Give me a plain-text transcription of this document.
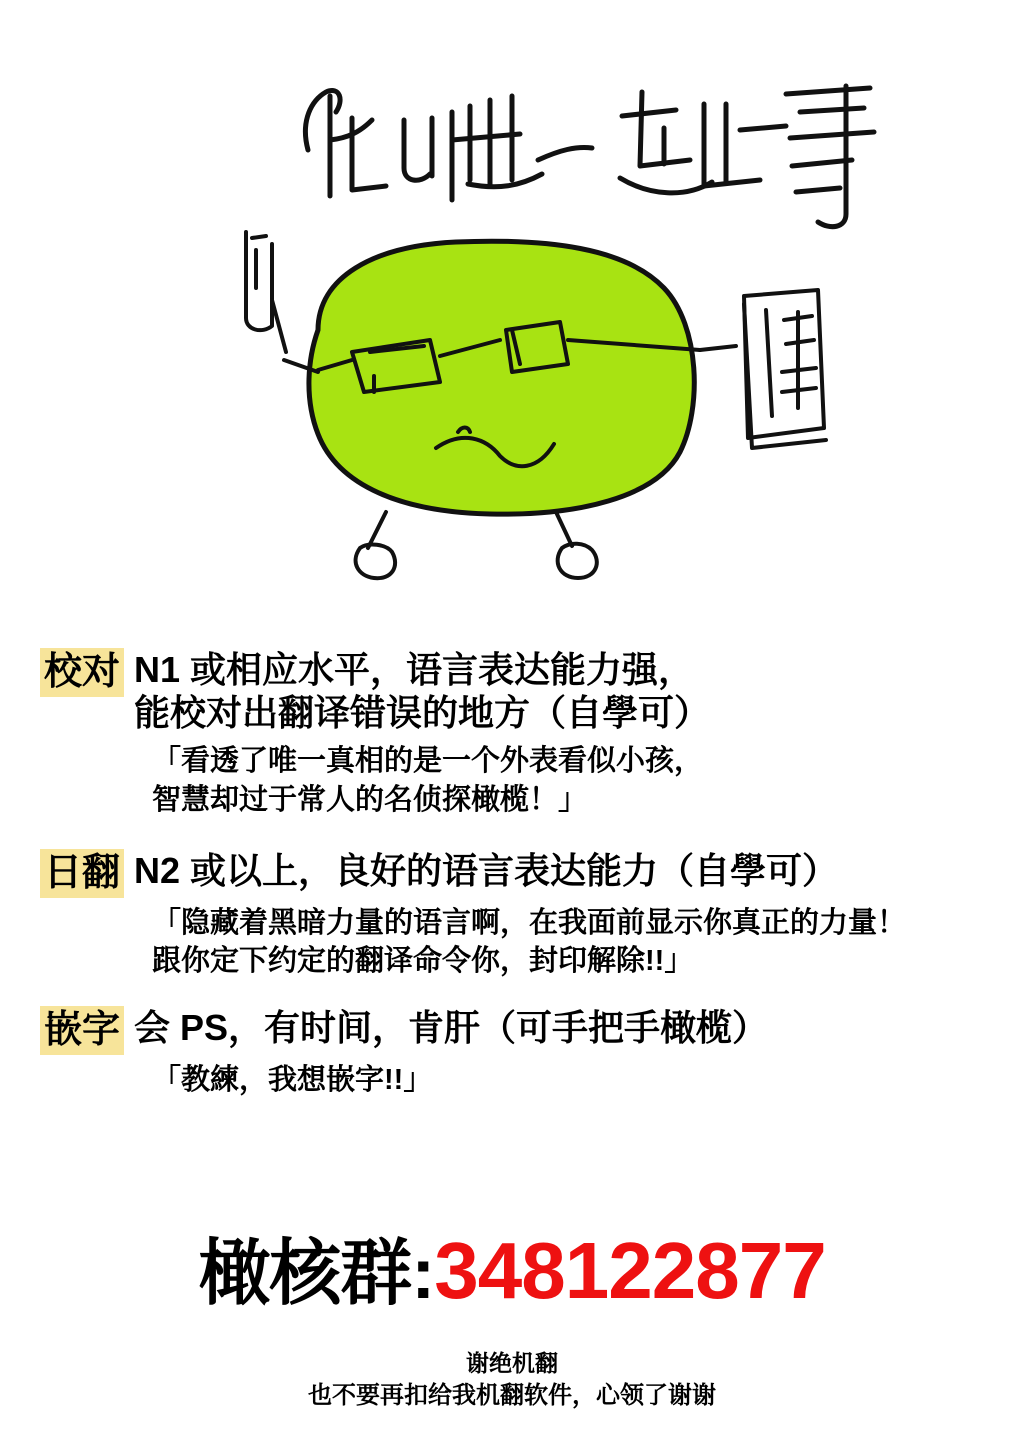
校对 N1 或相应水平，语言表达能力强，
能校对出翻译错误的地方（自學可）
「看透了唯一真相的是一个外表看似小孩，
智慧却过于常人的名侦探橄榄！」
日翻 N2 或以上，良好的语言表达能力（自學可）
「隐藏着黑暗力量的语言啊，在我面前显示你真正的力量！
跟你定下约定的翻译命令你，封印解除!!」
嵌字 会 PS，有时间，肯肝（可手把手橄榄）
「教練，我想嵌字!!」
橄核群:348122877
谢绝机翻
也不要再扣给我机翻软件，心领了谢谢
